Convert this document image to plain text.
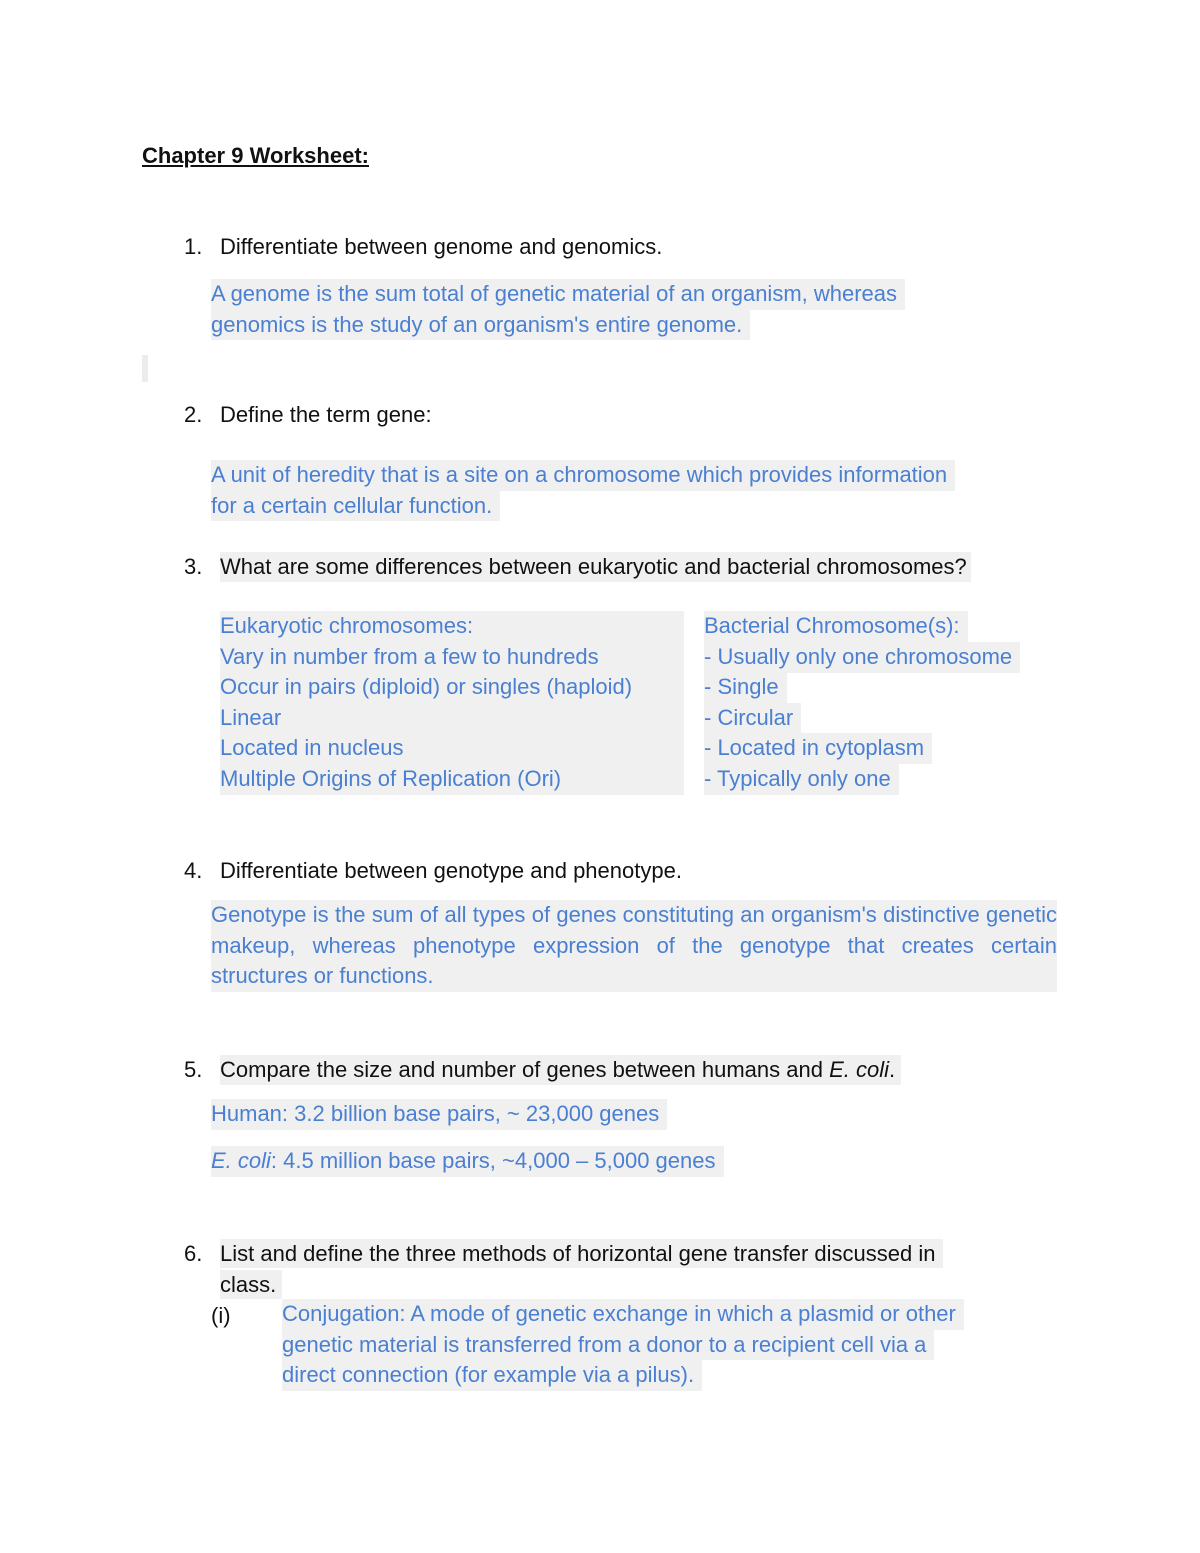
Chapter 9 Worksheet:
1. Differentiate between genome and genomics.
A genome is the sum total of genetic material of an organism, whereas
genomics is the study of an organism's entire genome.
2. Define the term gene:
A unit of heredity that is a site on a chromosome which provides information
for a certain cellular function.
3. What are some differences between eukaryotic and bacterial chromosomes?
Eukaryotic chromosomes:	Bacterial Chromosome(s):
Vary in number from a few to hundreds	- Usually only one chromosome
Occur in pairs (diploid) or singles (haploid)	- Single
Linear	- Circular
Located in nucleus	- Located in cytoplasm
Multiple Origins of Replication (Ori)	- Typically only one
4. Differentiate between genotype and phenotype.
Genotype is the sum of all types of genes constituting an organism's distinctive genetic makeup, whereas phenotype expression of the genotype that creates certain structures or functions.
5. Compare the size and number of genes between humans and E. coli.
Human: 3.2 billion base pairs, ~ 23,000 genes
E. coli: 4.5 million base pairs, ~4,000 – 5,000 genes
6. List and define the three methods of horizontal gene transfer discussed in
class.
(i) Conjugation: A mode of genetic exchange in which a plasmid or other
genetic material is transferred from a donor to a recipient cell via a
direct connection (for example via a pilus).
